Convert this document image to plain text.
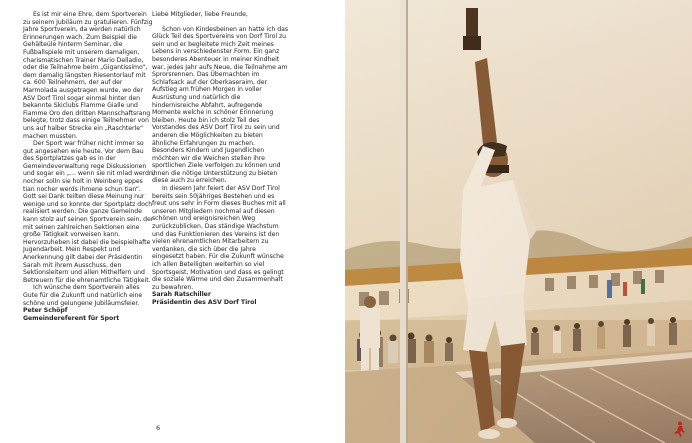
Es ist mir eine Ehre, dem Sportverein zu seinem Jubiläum zu gratulieren. Fünfzig Jahre Sportverein, da werden natürlich Erinnerungen wach. Zum Beispiel die Gehälteüle hinterm Seminar, die Fußballspiele mit unserem damaligen, charismatischen Trainer Mario Delladio, oder die Teilnahme beim „Gigantissimo“, dem damalig längsten Riesentorlauf mit ca. 600 Teilnehmern, der auf der Marmolada ausgetragen wurde, wo der ASV Dorf Tirol sogar einmal hinter den bekannte Skiclubs Flamme Gialle und Fiamme Oro den dritten Mannschaftsrang belegte, trotz dass einige Teilnehmer von uns auf halber Strecke ein „Raschterle“ machen mussten.

Der Sport war früher nicht immer so gut angesehen wie heute. Vor dem Bau des Sportplatzes gab es in der Gemeindeverwaltung rege Diskussionen und sogar ein „… wenn sie nit mlad werdn, nocher solln sie holt in Weinberg eppes tian nocher werds ihmene schun tian“. Gott sei Dank teilten diese Meinung nur wenige und so konnte der Sportplatz doch realisiert werden. Die ganze Gemeinde kann stolz auf seinen Sportverein sein, der mit seinen zahlreichen Sektionen eine große Tätigkeit vorweisen kann. Hervorzuheben ist dabei die beispielhafte Jugendarbeit. Mein Respekt und Anerkennung gilt dabei der Präsidentin Sarah mit ihrem Ausschuss, den Sektionsleitern und allen Mithelfern und Betreuern für die ehrenamtliche Tätigkeit.

Ich wünsche dem Sportverein alles Gute für die Zukunft und natürlich eine schöne und gelungene Jubiläumsfeier.

Peter Schöpf
Gemeindereferent für Sport

Liebe Mitglieder, liebe Freunde,

Schon von Kindesbeinen an hatte ich das Glück Teil des Sportvereins von Dorf Tirol zu sein und er begleitete mich Zeit meines Lebens in verschiedenster Form. Ein ganz besonderes Abenteuer in meiner Kindheit war, jedes Jahr aufs Neue, die Teilnahme am Sprorsrennen. Das Übernachten im Schlafsack auf der Oberkaseraim, der Aufstieg am frühen Morgen in voller Ausrüstung und natürlich die hindernisreiche Abfahrt, aufregende Momente welche in schöner Erinnerung bleiben. Heute bin ich stolz Teil des Vorstandes des ASV Dorf Tirol zu sein und anderen die Möglichkeiten zu bieten ähnliche Erfahrungen zu machen. Besonders Kindern und Jugendlichen möchten wir die Weichen stellen ihre sportlichen Ziele verfolgen zu können und ihnen die nötige Unterstützung zu bieten diese auch zu erreichen.

In diesem Jahr feiert der ASV Dorf Tirol bereits sein 50jähriges Bestehen und es freut uns sehr in Form dieses Buches mit all unseren Mitgliedern nochmal auf diesen schönen und ereignisreichen Weg zurückzublicken. Das ständige Wachstum und das Funktionieren des Vereins ist den vielen ehrenamtlichen Mitarbeitern zu verdanken, die sich über die Jahre eingesetzt haben. Für die Zukunft wünsche ich allen Beteiligten weiterhin so viel Sportsgeist, Motivation und dass es gelingt die soziale Wärme und den Zusammenhalt zu bewahren.

Sarah Ratschiller
Präsidentin des ASV Dorf Tirol

6
